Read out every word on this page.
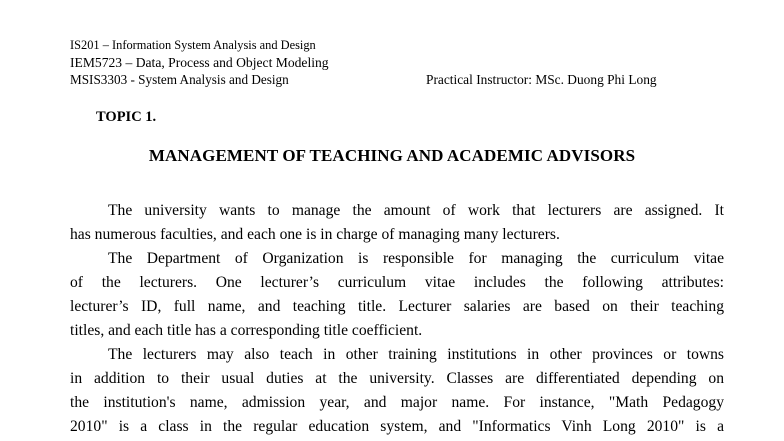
IS201 – Information System Analysis and Design
IEM5723 – Data, Process and Object Modeling
MSIS3303 - System Analysis and Design	Practical Instructor: MSc. Duong Phi Long
TOPIC 1.
MANAGEMENT OF TEACHING AND ACADEMIC ADVISORS
The university wants to manage the amount of work that lecturers are assigned. It
has numerous faculties, and each one is in charge of managing many lecturers.
The Department of Organization is responsible for managing the curriculum vitae
of the lecturers. One lecturer’s curriculum vitae includes the following attributes:
lecturer’s ID, full name, and teaching title. Lecturer salaries are based on their teaching
titles, and each title has a corresponding title coefficient.
The lecturers may also teach in other training institutions in other provinces or towns
in addition to their usual duties at the university. Classes are differentiated depending on
the institution's name, admission year, and major name. For instance, "Math Pedagogy
2010" is a class in the regular education system, and "Informatics Vinh Long 2010" is a
